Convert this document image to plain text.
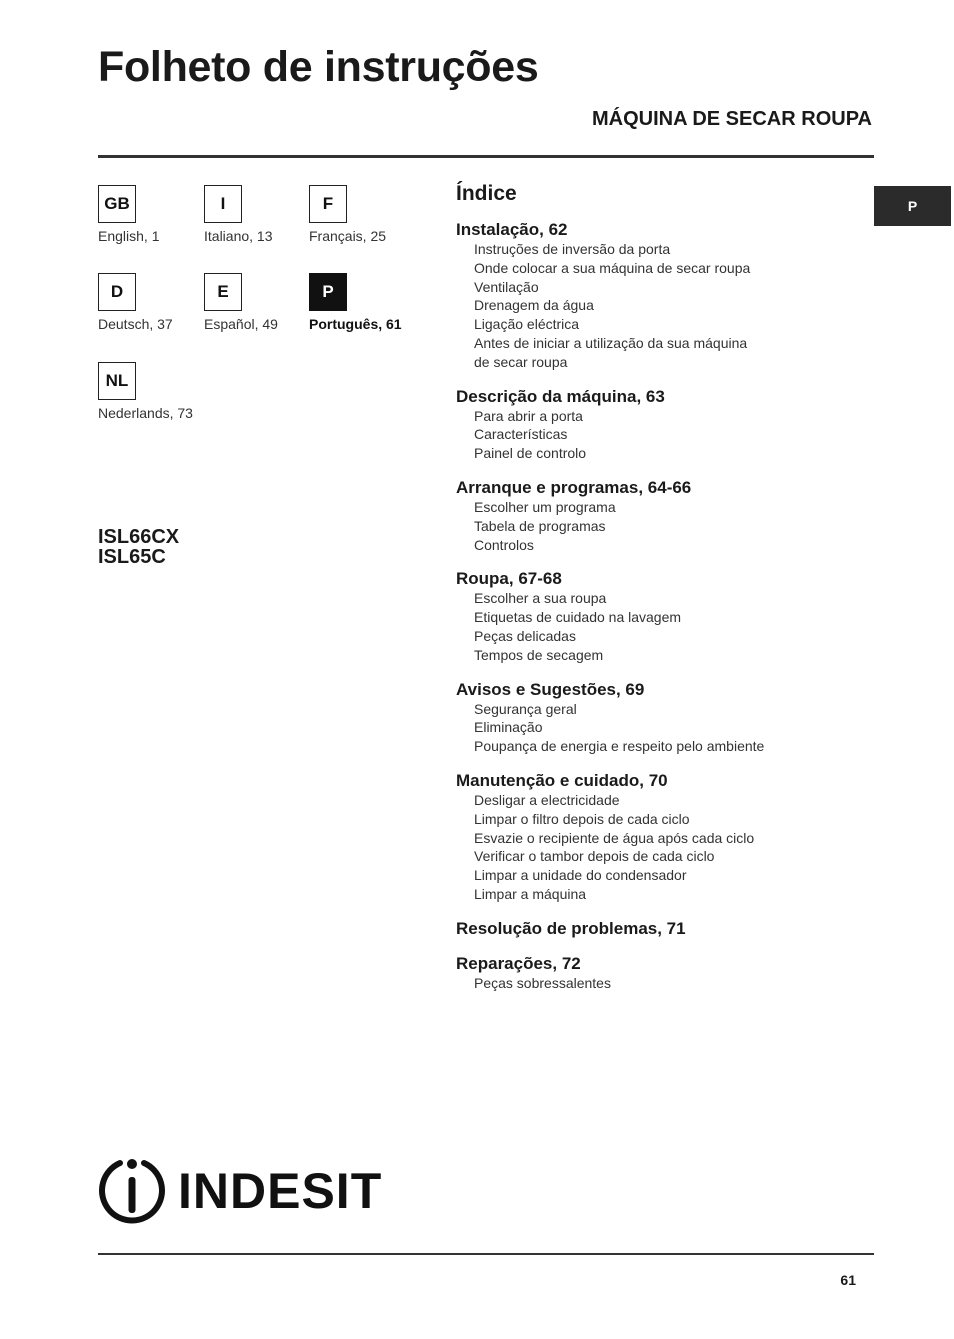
Folheto de instruções
MÁQUINA DE SECAR ROUPA
GB
English, 1
I
Italiano, 13
F
Français, 25
D
Deutsch, 37
E
Español, 49
P
Português, 61
NL
Nederlands, 73
ISL66CX
ISL65C
Índice
Instalação, 62
Instruções de inversão da porta
Onde colocar a sua máquina de secar roupa
Ventilação
Drenagem da água
Ligação eléctrica
Antes de iniciar a utilização da sua máquina
de secar roupa
Descrição da máquina, 63
Para abrir a porta
Características
Painel de controlo
Arranque e programas, 64-66
Escolher um programa
Tabela de programas
Controlos
Roupa, 67-68
Escolher a sua roupa
Etiquetas de cuidado na lavagem
Peças delicadas
Tempos de secagem
Avisos e Sugestões, 69
Segurança geral
Eliminação
Poupança de energia e respeito pelo ambiente
Manutenção e cuidado, 70
Desligar a electricidade
Limpar o filtro depois de cada ciclo
Esvazie o recipiente de água após cada ciclo
Verificar o tambor depois de cada ciclo
Limpar a unidade do condensador
Limpar a máquina
Resolução de problemas, 71
Reparações, 72
Peças sobressalentes
P
INDESIT
61
